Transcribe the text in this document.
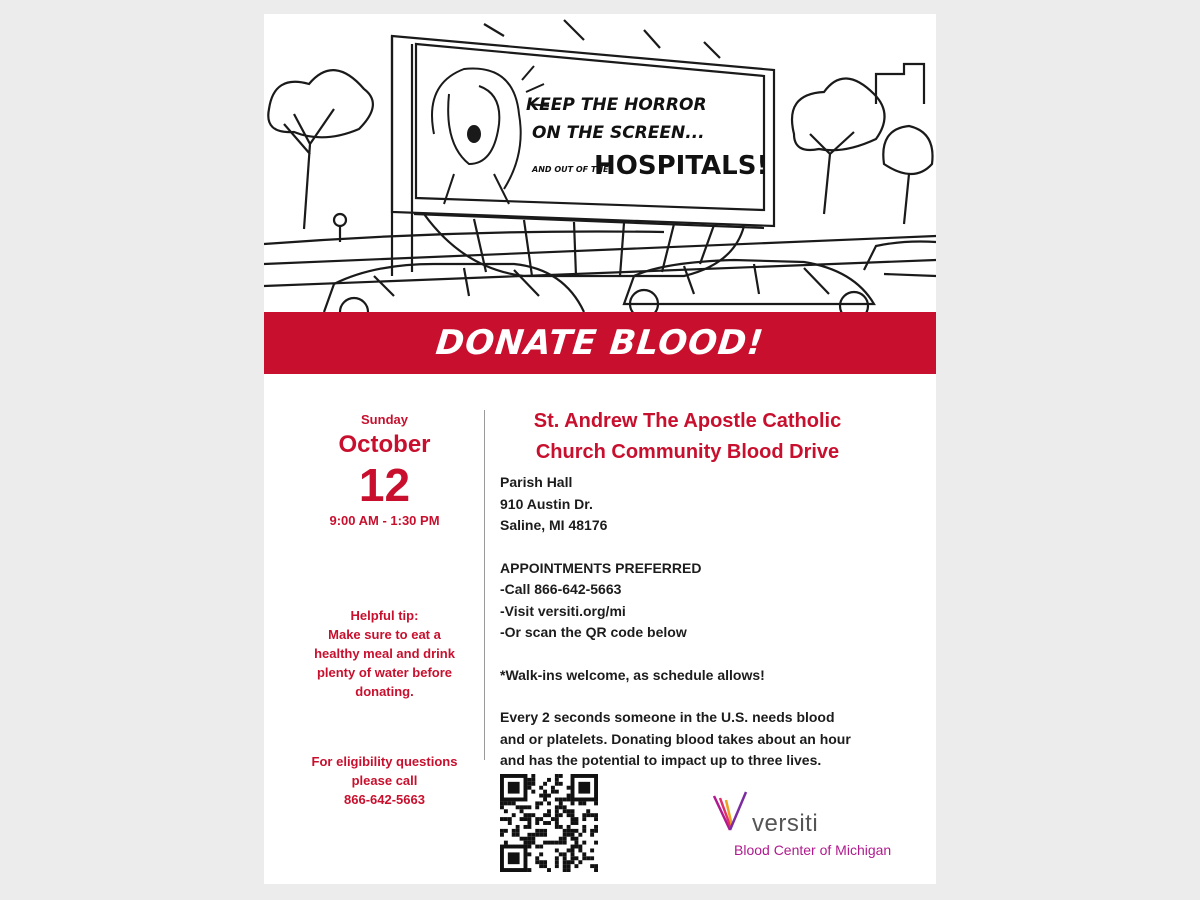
KEEP THE HORROR
ON THE SCREEN...
AND OUT OF THE
HOSPITALS!
DONATE BLOOD!
Sunday
October
12
9:00 AM - 1:30 PM
Helpful tip:
Make sure to eat a
healthy meal and drink
plenty of water before
donating.
For eligibility questions
please call
866-642-5663
St. Andrew The Apostle Catholic
Church Community Blood Drive
Parish Hall
910 Austin Dr.
Saline, MI 48176
APPOINTMENTS PREFERRED
-Call 866-642-5663
-Visit versiti.org/mi
-Or scan the QR code below
*Walk-ins welcome, as schedule allows!
Every 2 seconds someone in the U.S. needs blood
and or platelets. Donating blood takes about an hour
and has the potential to impact up to three lives.
versiti
Blood Center of Michigan
